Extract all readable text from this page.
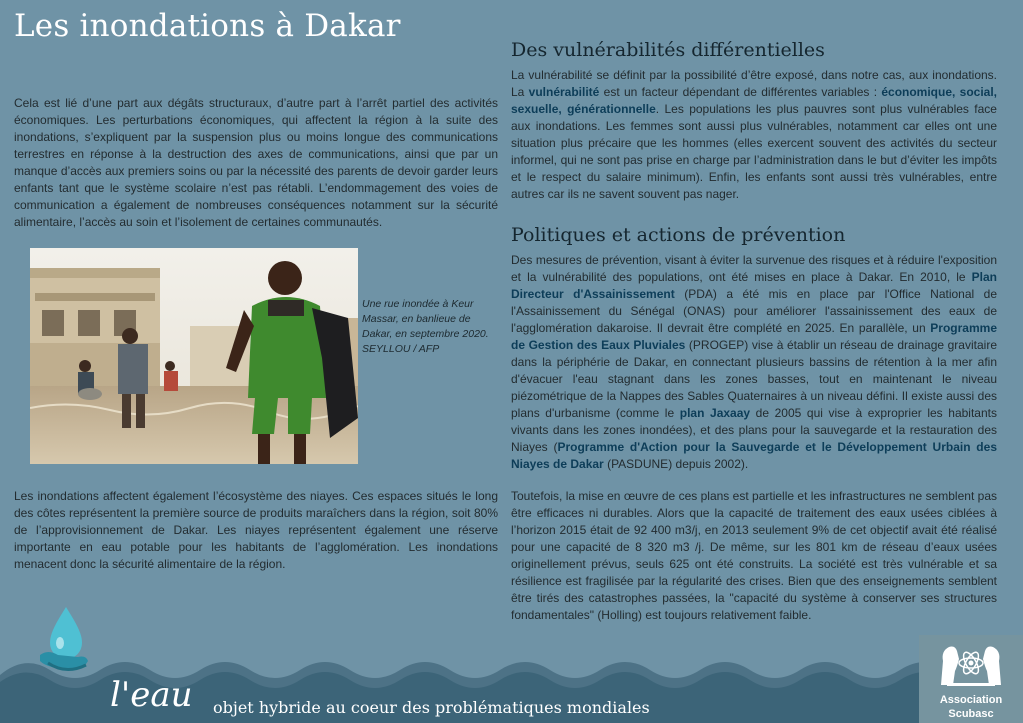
Les inondations à Dakar

Cela est lié d’une part aux dégâts structuraux, d’autre part à l’arrêt partiel des activités économiques. Les perturbations économiques, qui affectent la région à la suite des inondations, s’expliquent par la suspension plus ou moins longue des communications terrestres en réponse à la destruction des axes de communications, ainsi que par un manque d’accès aux premiers soins ou par la nécessité des parents de devoir garder leurs enfants tant que le système scolaire n’est pas rétabli. L’endommagement des voies de communication a également de nombreuses conséquences notamment sur la sécurité alimentaire, l’accès au soin et l’isolement de certaines communautés.

Une rue inondée à Keur Massar, en banlieue de Dakar, en septembre 2020. SEYLLOU / AFP

Les inondations affectent également l’écosystème des niayes. Ces espaces situés le long des côtes représentent la première source de produits maraîchers dans la région, soit 80% de l’approvisionnement de Dakar. Les niayes représentent également une réserve importante en eau potable pour les habitants de l’agglomération. Les inondations menacent donc la sécurité alimentaire de la région.

Des vulnérabilités différentielles

La vulnérabilité se définit par la possibilité d’être exposé, dans notre cas, aux inondations. La vulnérabilité est un facteur dépendant de différentes variables : économique, social, sexuelle, générationnelle. Les populations les plus pauvres sont plus vulnérables face aux inondations. Les femmes sont aussi plus vulnérables, notamment car elles ont une situation plus précaire que les hommes (elles exercent souvent des activités du secteur informel, qui ne sont pas prise en charge par l’administration dans le but d’éviter les impôts et le respect du salaire minimum). Enfin, les enfants sont aussi très vulnérables, entre autres car ils ne savent souvent pas nager.

Politiques et actions de prévention

Des mesures de prévention, visant à éviter la survenue des risques et à réduire l'exposition et la vulnérabilité des populations, ont été mises en place à Dakar. En 2010, le Plan Directeur d'Assainissement (PDA) a été mis en place par l'Office National de l'Assainissement du Sénégal (ONAS) pour améliorer l'assainissement des eaux de l'agglomération dakaroise. Il devrait être complété en 2025. En parallèle, un Programme de Gestion des Eaux Pluviales (PROGEP) vise à établir un réseau de drainage gravitaire dans la périphérie de Dakar, en connectant plusieurs bassins de rétention à la mer afin d'évacuer l'eau stagnant dans les zones basses, tout en maintenant le niveau piézométrique de la Nappes des Sables Quaternaires à un niveau défini. Il existe aussi des plans d'urbanisme (comme le plan Jaxaay de 2005 qui vise à exproprier les habitants vivants dans les zones inondées), et des plans pour la sauvegarde et la restauration des Niayes (Programme d'Action pour la Sauvegarde et le Développement Urbain des Niayes de Dakar (PASDUNE) depuis 2002).

Toutefois, la mise en œuvre de ces plans est partielle et les infrastructures ne semblent pas être efficaces ni durables. Alors que la capacité de traitement des eaux usées ciblées à l’horizon 2015 était de 92 400 m3/j, en 2013 seulement 9% de cet objectif avait été réalisé pour une capacité de 8 320 m3 /j. De même, sur les 801 km de réseau d’eaux usées originellement prévus, seuls 625 ont été construits. La société est très vulnérable et sa résilience est fragilisée par la régularité des crises. Bien que des enseignements semblent être tirés des catastrophes passées, la "capacité du système à conserver ses structures fondamentales" (Holling) est toujours relativement faible.

l'eau objet hybride au coeur des problématiques mondiales	Association
Scubasc
